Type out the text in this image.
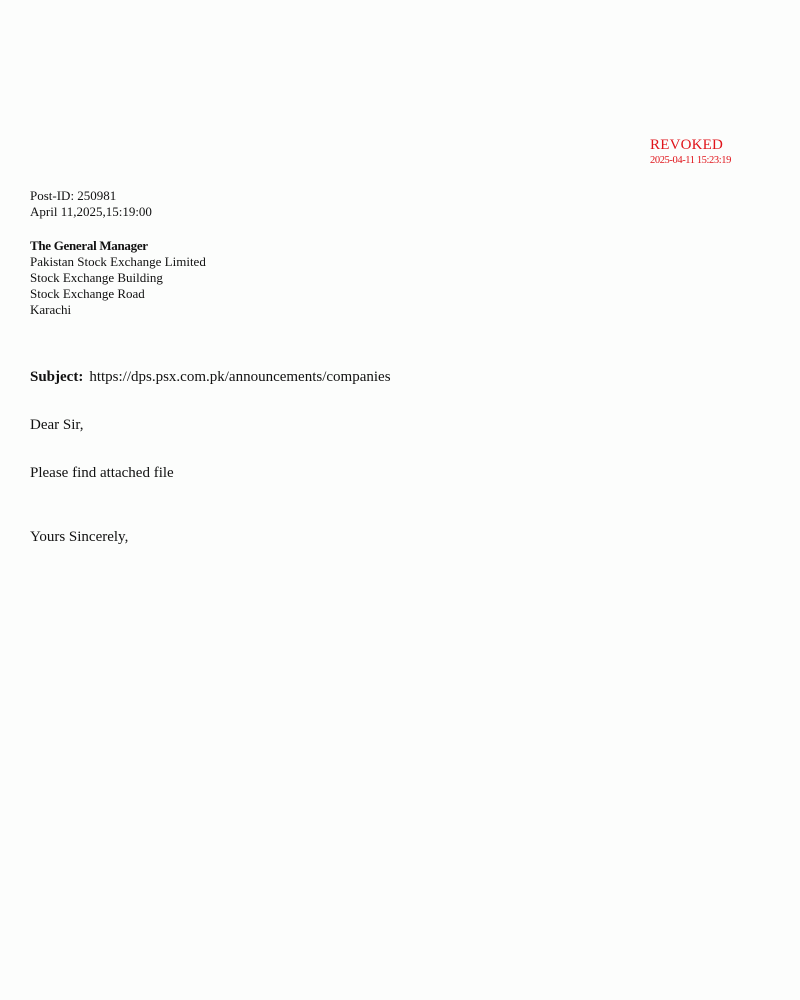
REVOKED
2025-04-11 15:23:19
Post-ID: 250981
April 11,2025,15:19:00
The General Manager
Pakistan Stock Exchange Limited
Stock Exchange Building
Stock Exchange Road
Karachi
Subject: https://dps.psx.com.pk/announcements/companies
Dear Sir,
Please find attached file
Yours Sincerely,
